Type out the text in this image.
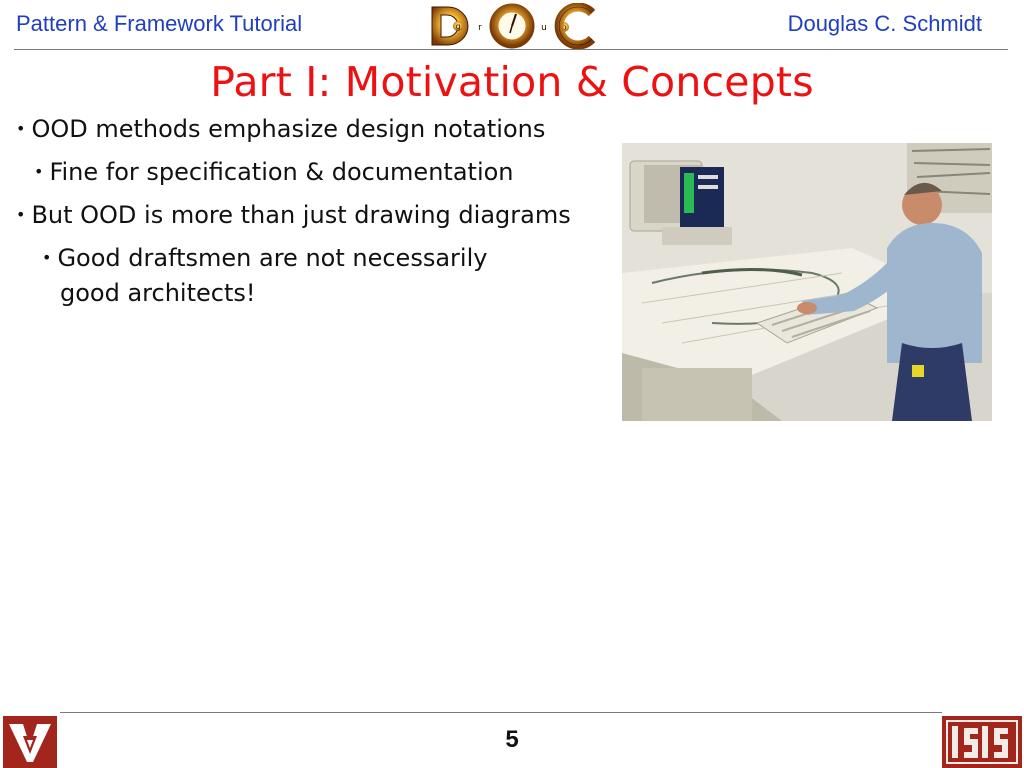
Pattern & Framework Tutorial	g r	u p	Douglas C. Schmidt
Part I: Motivation & Concepts
• OOD methods emphasize design notations
• Fine for specification & documentation
• But OOD is more than just drawing diagrams
• Good draftsmen are not necessarily
good architects!
5
